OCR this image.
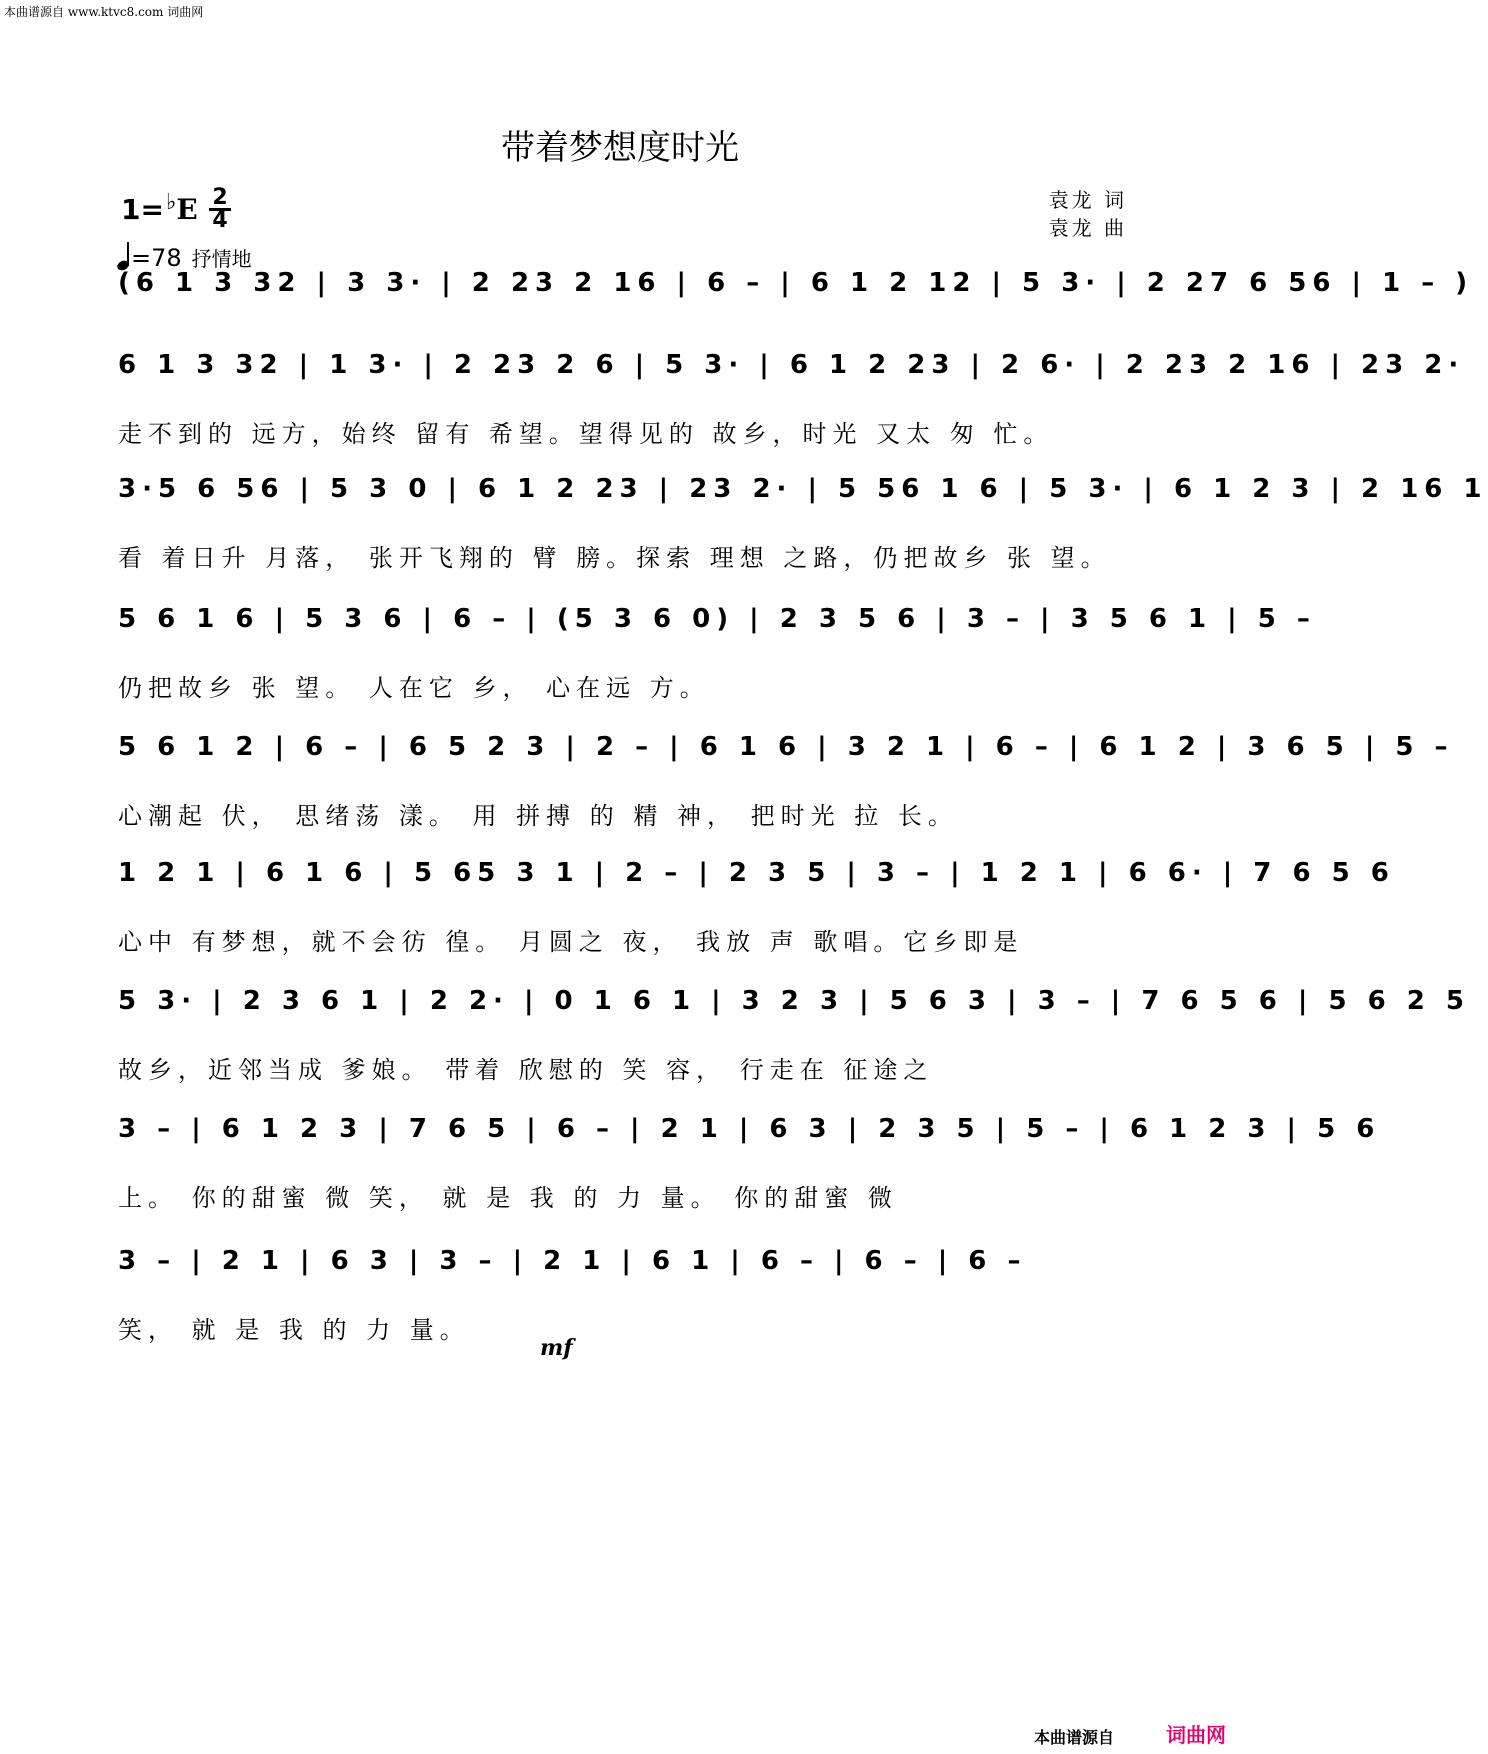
本曲谱源自 www.ktvc8.com 词曲网
带着梦想度时光
1=♭E 2
4
=78 抒情地
袁龙 词
袁龙 曲
(6 1 3 32 | 3 3· | 2 23 2 16 | 6 – | 6 1 2 12 | 5 3· | 2 27 6 56 | 1 – )
6 1 3 32 | 1 3· | 2 23 2 6 | 5 3· | 6 1 2 23 | 2 6· | 2 23 2 16 | 23 2·
走不到的 远方，始终 留有 希望。望得见的 故乡，时光 又太 匆 忙。
3·5 6 56 | 5 3 0 | 6 1 2 23 | 23 2· | 5 56 1 6 | 5 3· | 6 1 2 3 | 2 16 1
看 着日升 月落， 张开飞翔的 臂 膀。探索 理想 之路，仍把故乡 张 望。
5 6 1 6 | 5 3 6 | 6 – | (5 3 6 0) | 2 3 5 6 | 3 – | 3 5 6 1 | 5 –
仍把故乡 张 望。 人在它 乡， 心在远 方。
5 6 1 2 | 6 – | 6 5 2 3 | 2 – | 6 1 6 | 3 2 1 | 6 – | 6 1 2 | 3 6 5 | 5 –
心潮起 伏， 思绪荡 漾。 用 拼搏 的 精 神， 把时光 拉 长。
1 2 1 | 6 1 6 | 5 65 3 1 | 2 – | 2 3 5 | 3 – | 1 2 1 | 6 6· | 7 6 5 6
心中 有梦想，就不会彷 徨。 月圆之 夜， 我放 声 歌唱。它乡即是
5 3· | 2 3 6 1 | 2 2· | 0 1 6 1 | 3 2 3 | 5 6 3 | 3 – | 7 6 5 6 | 5 6 2 5
故乡，近邻当成 爹娘。 带着 欣慰的 笑 容， 行走在 征途之
3 – | 6 1 2 3 | 7 6 5 | 6 – | 2 1 | 6 3 | 2 3 5 | 5 – | 6 1 2 3 | 5 6
上。 你的甜蜜 微 笑， 就 是 我 的 力 量。 你的甜蜜 微
mf
3 – | 2 1 | 6 3 | 3 – | 2 1 | 6 1 | 6 – | 6 – | 6 –
笑， 就 是 我 的 力 量。
本曲谱源自	词曲网
